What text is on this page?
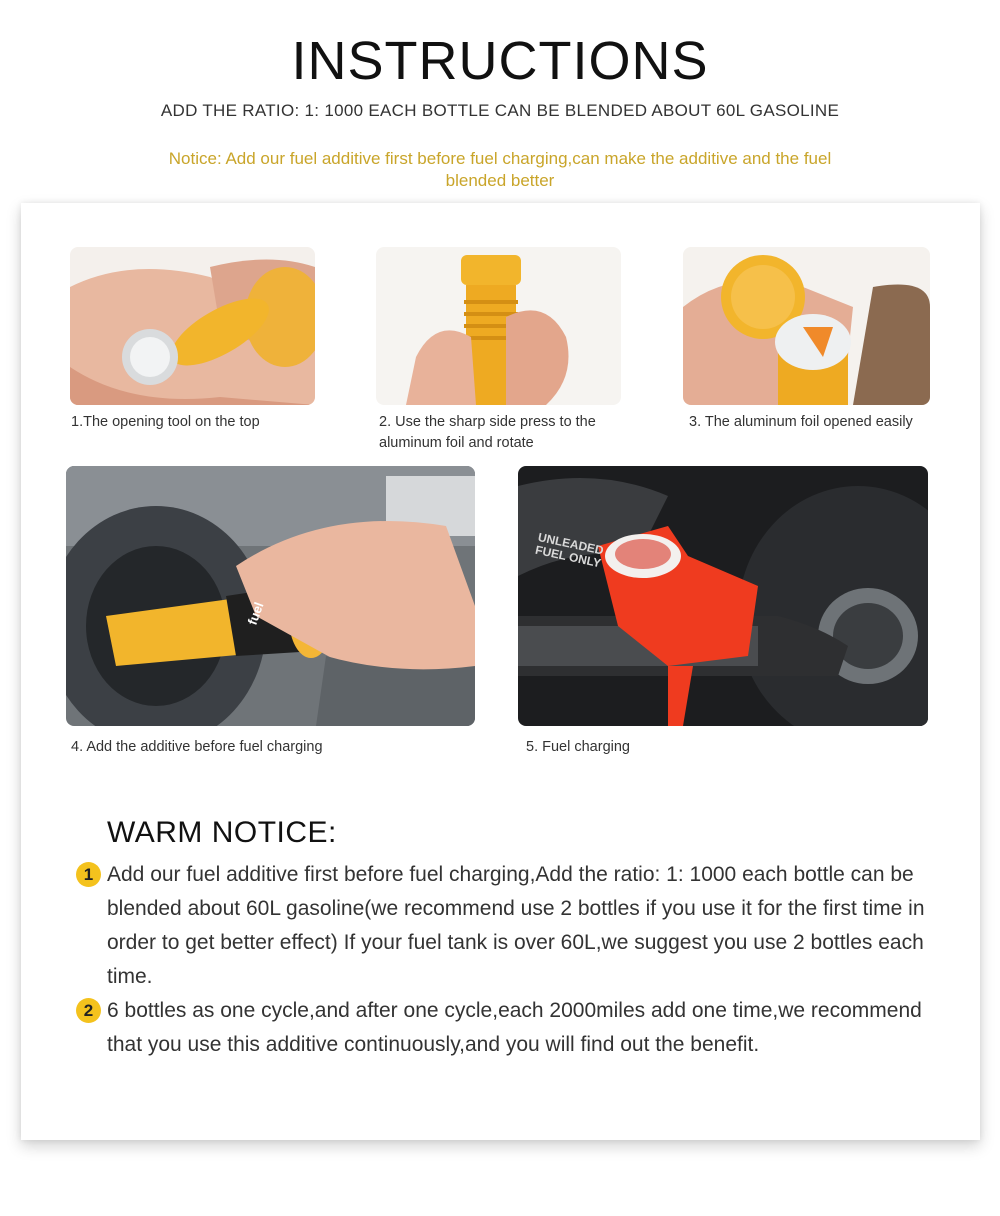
INSTRUCTIONS
ADD THE RATIO: 1: 1000 EACH BOTTLE CAN BE BLENDED ABOUT 60L GASOLINE
Notice: Add our fuel additive first before fuel charging,can make the additive and the fuel blended better
1.The opening tool on the top	2. Use the sharp side press to the aluminum foil and rotate
3. The aluminum foil opened easily
fuel
4. Add the additive before fuel charging
UNLEADED FUEL ONLY
5. Fuel charging
WARM NOTICE:
1 Add our fuel additive first before fuel charging,Add the ratio: 1: 1000 each bottle can be blended about 60L gasoline(we recommend use 2 bottles if you use it for the first time in order to get better effect) If your fuel tank is over 60L,we suggest you use 2 bottles each time.
2 6 bottles as one cycle,and after one cycle,each 2000miles add one time,we recommend that you use this additive continuously,and you will find out the benefit.
